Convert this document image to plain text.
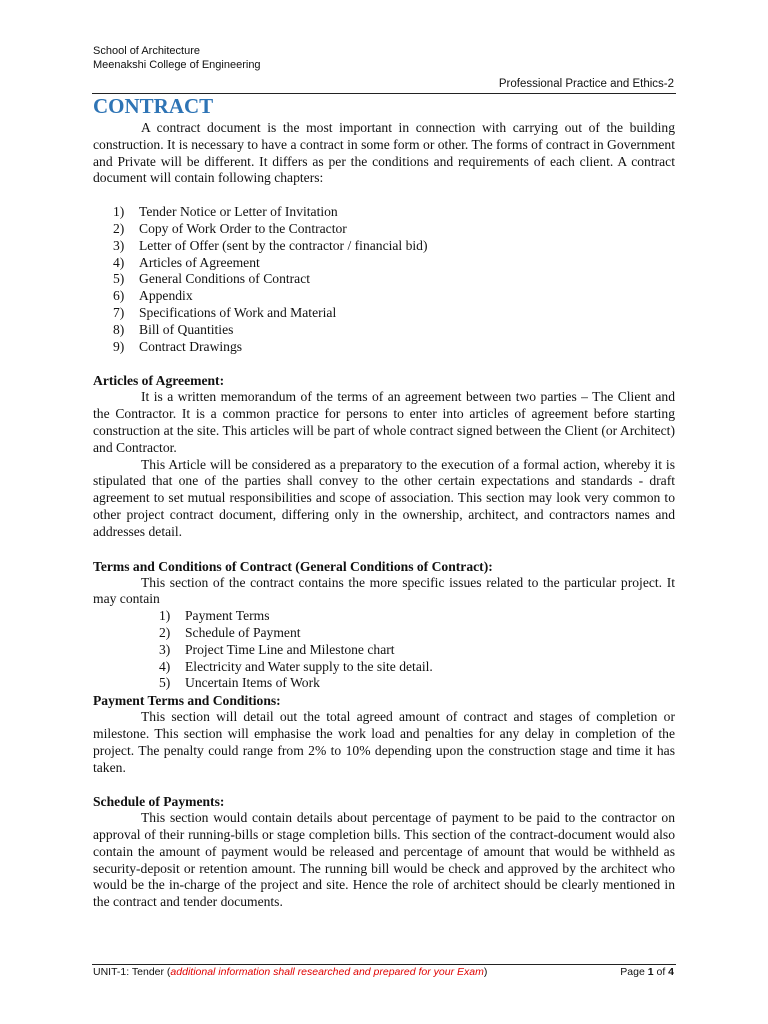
School of Architecture
Meenakshi College of Engineering
Professional Practice and Ethics-2
CONTRACT

A contract document is the most important in connection with carrying out of the building construction. It is necessary to have a contract in some form or other. The forms of contract in Government and Private will be different. It differs as per the conditions and requirements of each client. A contract document will contain following chapters:

1) Tender Notice or Letter of Invitation
2) Copy of Work Order to the Contractor
3) Letter of Offer (sent by the contractor / financial bid)
4) Articles of Agreement
5) General Conditions of Contract
6) Appendix
7) Specifications of Work and Material
8) Bill of Quantities
9) Contract Drawings
Articles of Agreement:

It is a written memorandum of the terms of an agreement between two parties – The Client and the Contractor. It is a common practice for persons to enter into articles of agreement before starting construction at the site. This articles will be part of whole contract signed between the Client (or Architect) and Contractor.

This Article will be considered as a preparatory to the execution of a formal action, whereby it is stipulated that one of the parties shall convey to the other certain expectations and standards - draft agreement to set mutual responsibilities and scope of association. This section may look very common to other project contract document, differing only in the ownership, architect, and contractors names and addresses detail.

Terms and Conditions of Contract (General Conditions of Contract):

This section of the contract contains the more specific issues related to the particular project. It may contain

1) Payment Terms
2) Schedule of Payment
3) Project Time Line and Milestone chart
4) Electricity and Water supply to the site detail.
5) Uncertain Items of Work
Payment Terms and Conditions:

This section will detail out the total agreed amount of contract and stages of completion or milestone. This section will emphasise the work load and penalties for any delay in completion of the project. The penalty could range from 2% to 10% depending upon the construction stage and time it has taken.

Schedule of Payments:

This section would contain details about percentage of payment to be paid to the contractor on approval of their running-bills or stage completion bills. This section of the contract-document would also contain the amount of payment would be released and percentage of amount that would be withheld as security-deposit or retention amount. The running bill would be check and approved by the architect who would be the in-charge of the project and site. Hence the role of architect should be clearly mentioned in the contract and tender documents.

UNIT-1: Tender (additional information shall researched and prepared for your Exam)	Page 1 of 4
